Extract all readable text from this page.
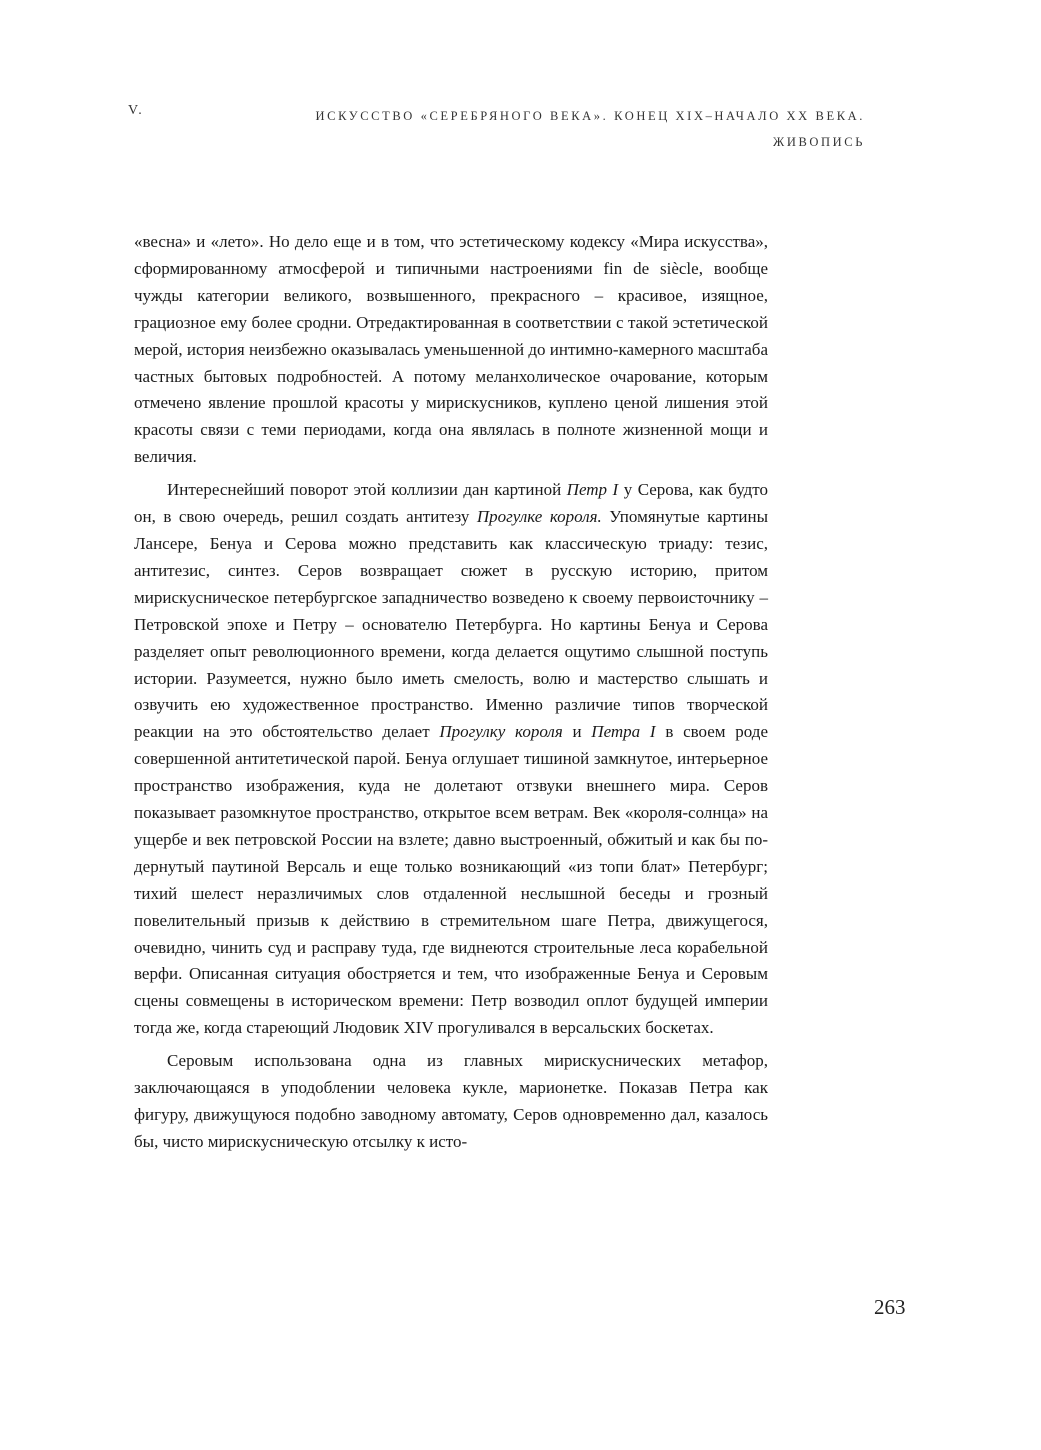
V.	ИСКУССТВО «СЕРЕБРЯНОГО ВЕКА». КОНЕЦ XIX–НАЧАЛО XX ВЕКА.
ЖИВОПИСЬ

«весна» и «лето». Но дело еще и в том, что эстетическому кодексу «Мира искусства», сформированному атмосферой и типичными настроениями fin de siècle, вообще чужды категории великого, возвышенного, прекрасного – красивое, изящное, грациозное ему более сродни. Отредактированная в соответствии с такой эстетической мерой, история неизбежно оказывалась уменьшенной до интимно-камерного масштаба частных бытовых подробностей. А потому меланхолическое очарование, которым отмечено явление прошлой красоты у мирискусников, куплено ценой лишения этой красоты связи с теми периодами, когда она являлась в полноте жизненной мощи и величия.

Интереснейший поворот этой коллизии дан картиной Петр I у Серова, как будто он, в свою очередь, решил создать антитезу Прогулке короля. Упомянутые картины Лансере, Бенуа и Серова можно представить как классическую триаду: тезис, антитезис, синтез. Серов возвращает сюжет в русскую историю, притом мирискусническое петербургское западничество возведено к своему первоисточнику – Петровской эпохе и Петру – основателю Петербурга. Но картины Бенуа и Серова разделяет опыт революционного времени, когда делается ощутимо слышной поступь истории. Разумеется, нужно было иметь смелость, волю и мастерство слышать и озвучить ею художественное пространство. Именно различие типов творческой реакции на это обстоятельство делает Прогулку короля и Петра I в своем роде совершенной антитетической парой. Бенуа оглушает тишиной замкнутое, интерьерное пространство изображения, куда не долетают отзвуки внешнего мира. Серов показывает разомкнутое пространство, открытое всем ветрам. Век «короля-солнца» на ущербе и век петровской России на взлете; давно выстроенный, обжитый и как бы подернутый паутиной Версаль и еще только возникающий «из топи блат» Петербург; тихий шелест неразличимых слов отдаленной неслышной беседы и грозный повелительный призыв к действию в стремительном шаге Петра, движущегося, очевидно, чинить суд и расправу туда, где виднеются строительные леса корабельной верфи. Описанная ситуация обостряется и тем, что изображенные Бенуа и Серовым сцены совмещены в историческом времени: Петр возводил оплот будущей империи тогда же, когда стареющий Людовик XIV прогуливался в версальских боскетах.

Серовым использована одна из главных мирискуснических метафор, заключающаяся в уподоблении человека кукле, марионетке. Показав Петра как фигуру, движущуюся подобно заводному автомату, Серов одновременно дал, казалось бы, чисто мирискусническую отсылку к исто-

263
